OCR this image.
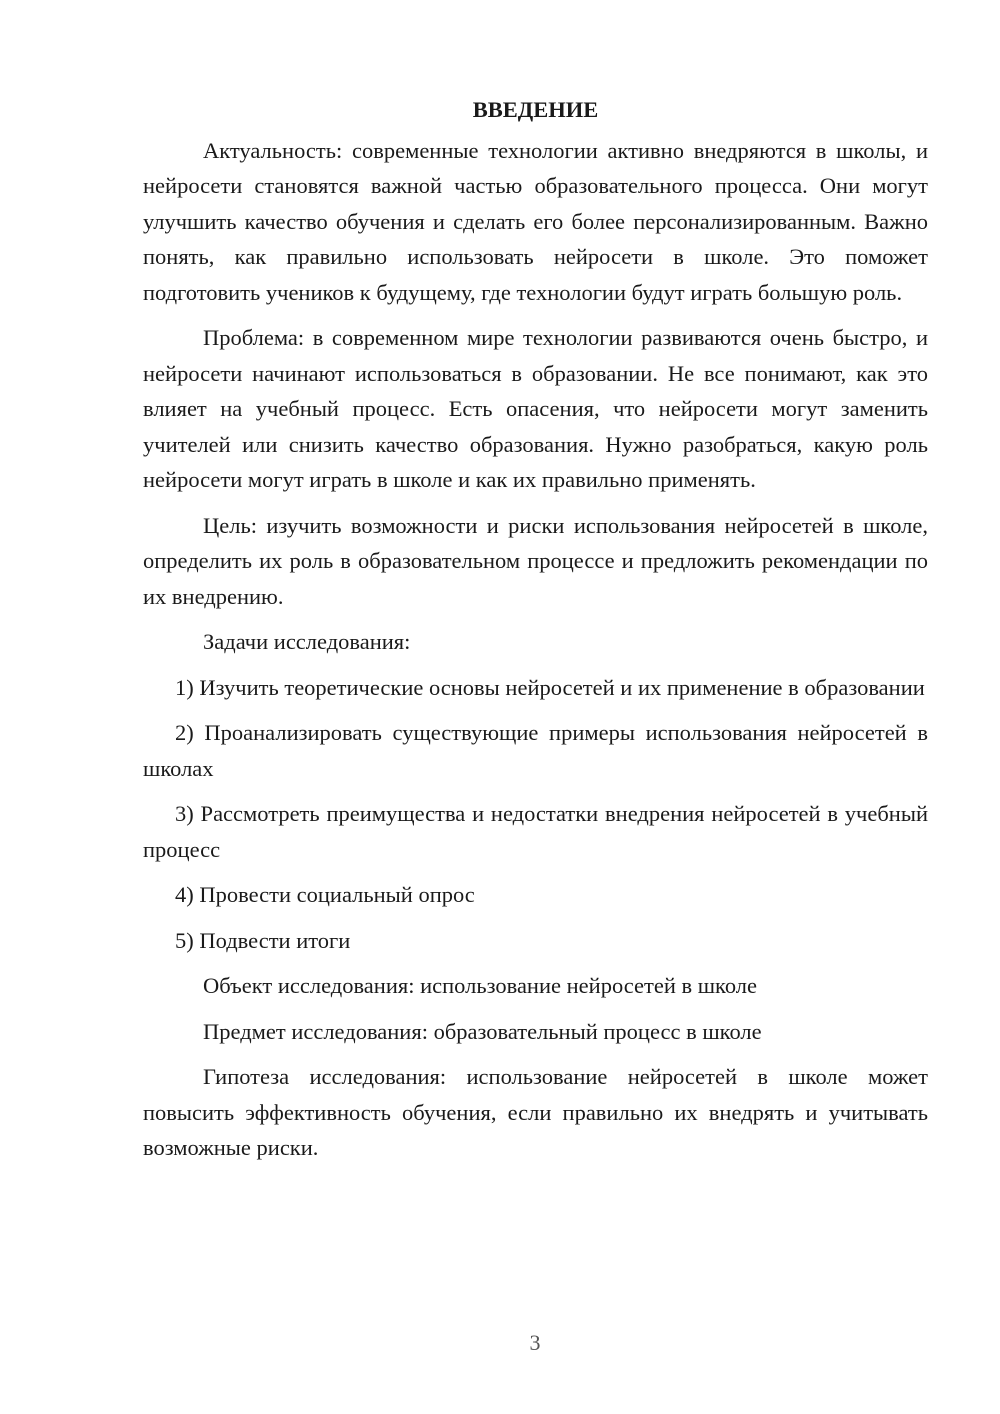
ВВЕДЕНИЕ

Актуальность: современные технологии активно внедряются в школы, и нейросети становятся важной частью образовательного процесса. Они могут улучшить качество обучения и сделать его более персонализированным. Важно понять, как правильно использовать нейросети в школе. Это поможет подготовить учеников к будущему, где технологии будут играть большую роль.

Проблема: в современном мире технологии развиваются очень быстро, и нейросети начинают использоваться в образовании. Не все понимают, как это влияет на учебный процесс. Есть опасения, что нейросети могут заменить учителей или снизить качество образования. Нужно разобраться, какую роль нейросети могут играть в школе и как их правильно применять.

Цель: изучить возможности и риски использования нейросетей в школе, определить их роль в образовательном процессе и предложить рекомендации по их внедрению.

Задачи исследования:

1) Изучить теоретические основы нейросетей и их применение в образовании

2) Проанализировать существующие примеры использования нейросетей в школах

3) Рассмотреть преимущества и недостатки внедрения нейросетей в учебный процесс

4) Провести социальный опрос

5) Подвести итоги

Объект исследования: использование нейросетей в школе

Предмет исследования: образовательный процесс в школе

Гипотеза исследования: использование нейросетей в школе может повысить эффективность обучения, если правильно их внедрять и учитывать возможные риски.

3
